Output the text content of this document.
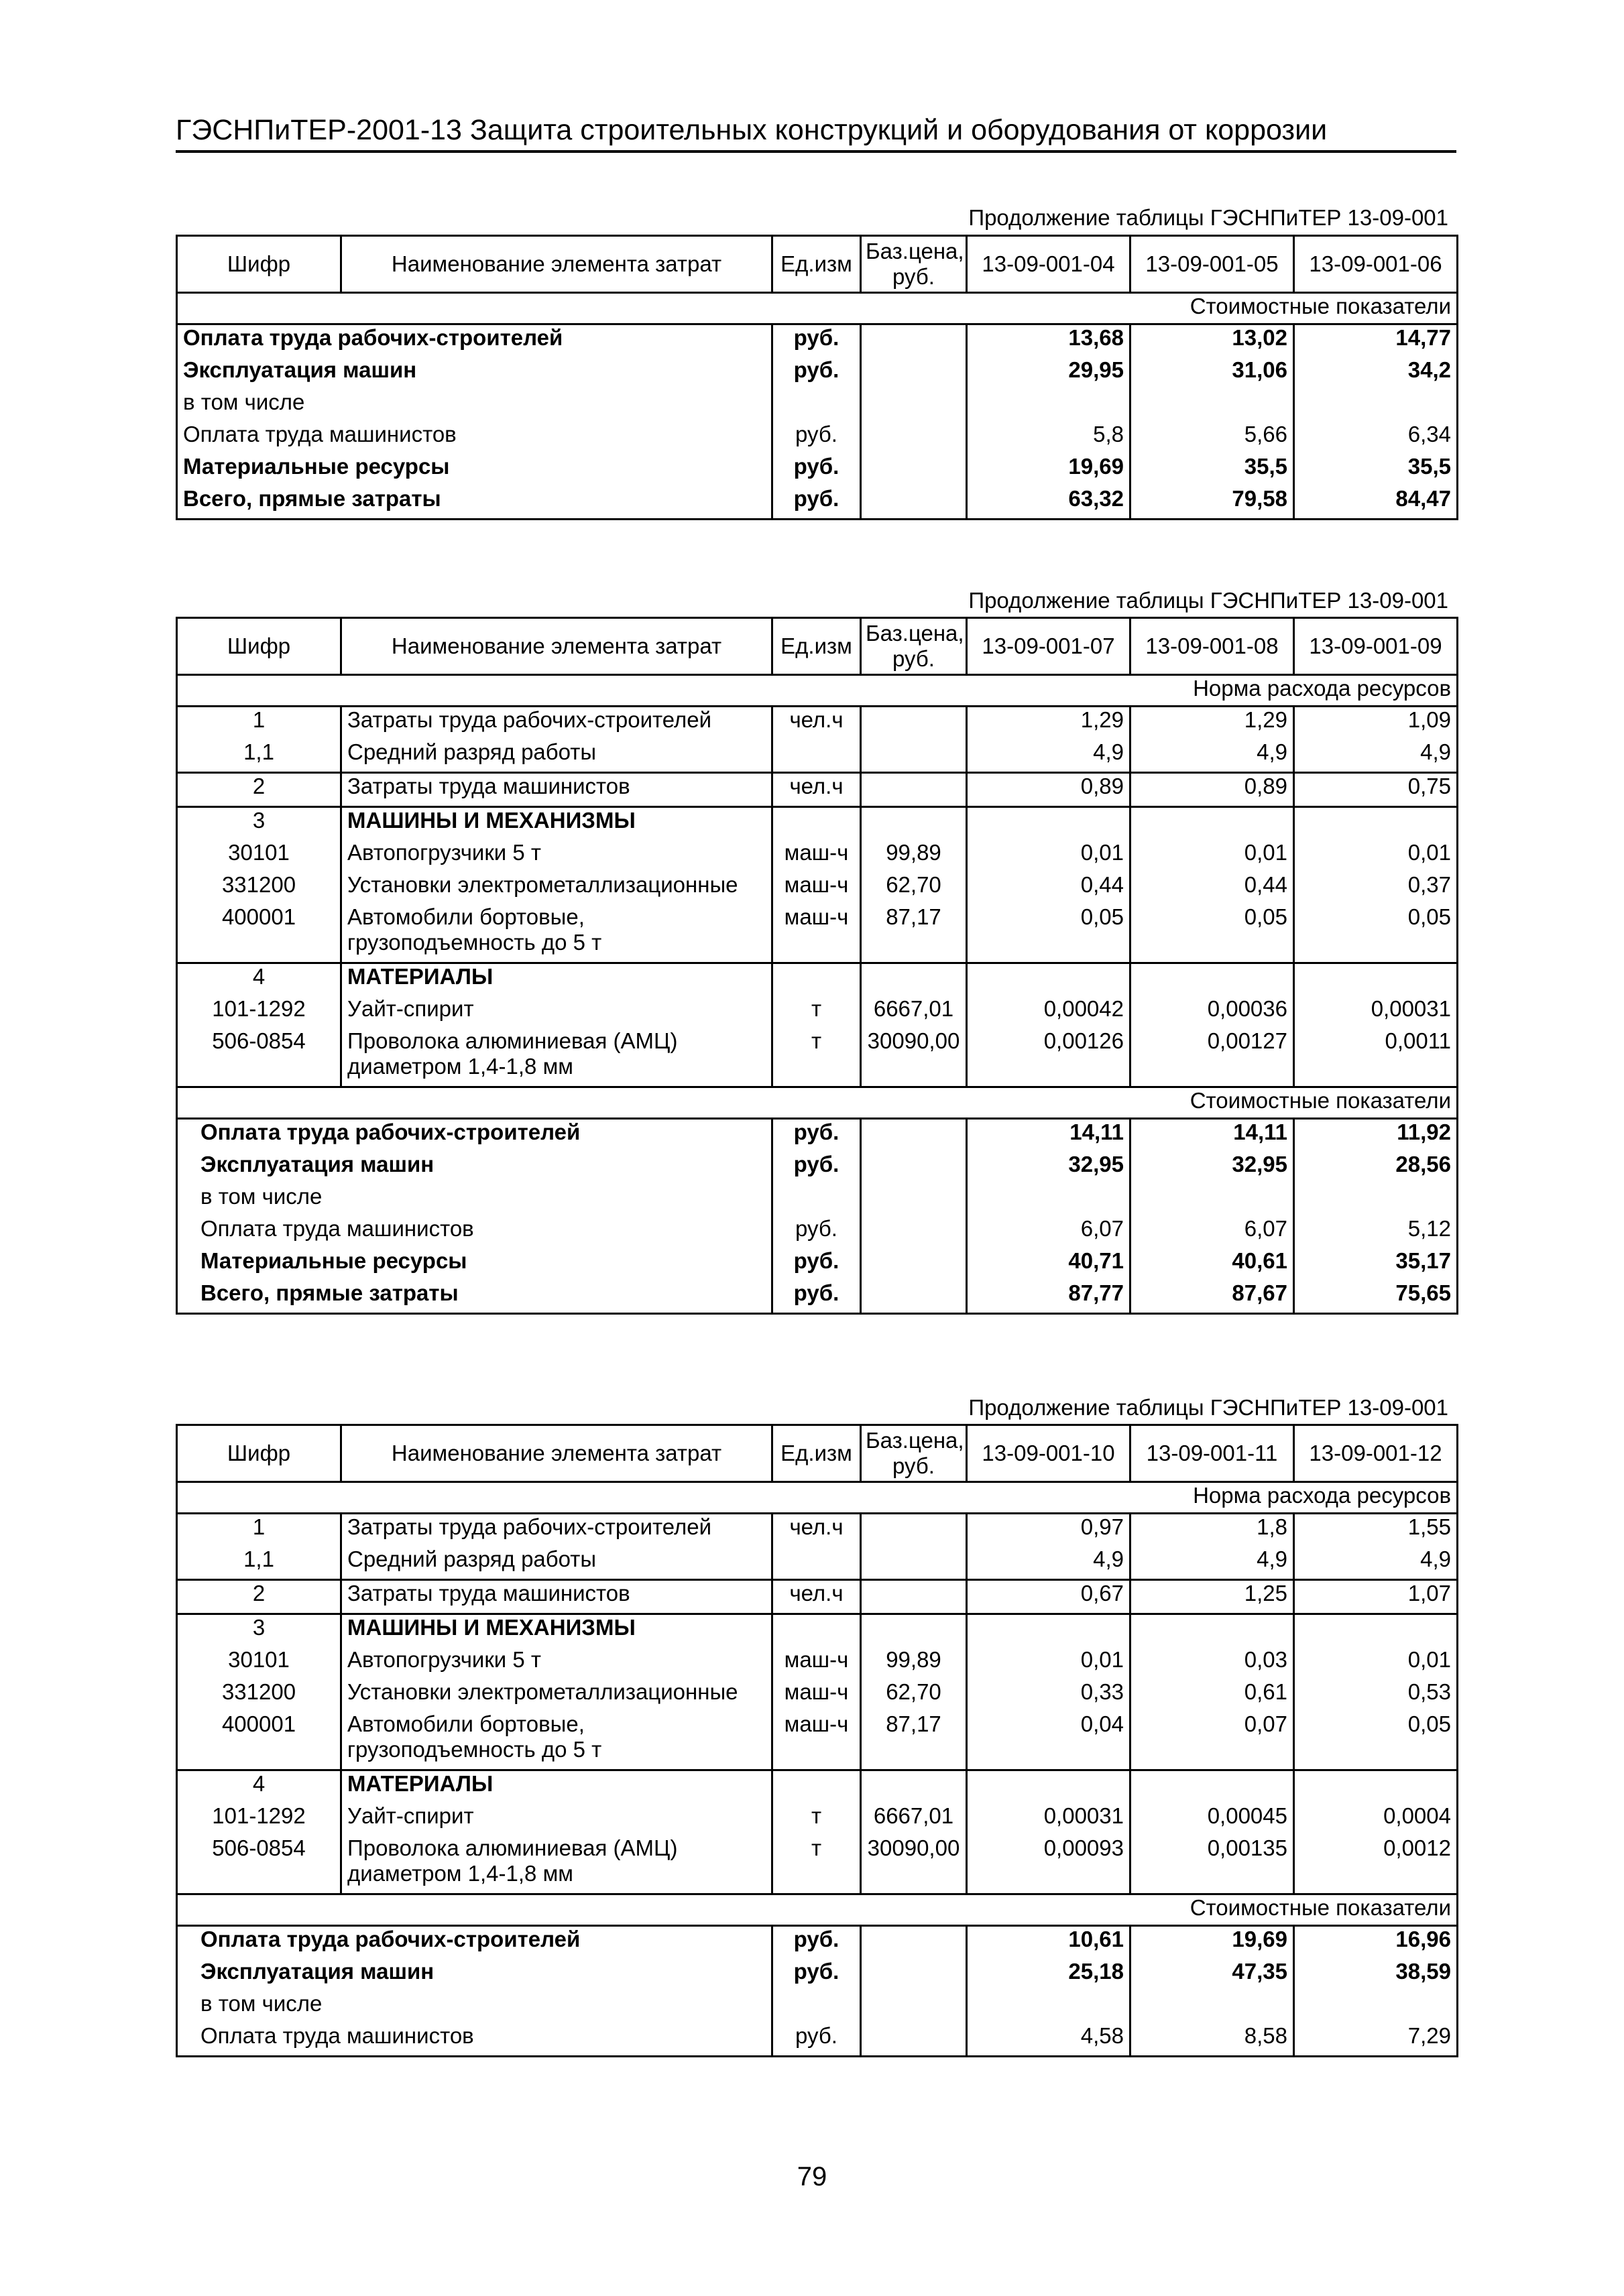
ГЭСНПиТЕР-2001-13 Защита строительных конструкций и оборудования от коррозии
Продолжение таблицы ГЭСНПиТЕР 13-09-001
Шифр	Наименование элемента затрат	Ед.изм	Баз.цена, руб.	13-09-001-04	13-09-001-05	13-09-001-06
Стоимостные показатели						
Оплата труда рабочих-строителей		руб.		13,68	13,02	14,77
Эксплуатация машин		руб.		29,95	31,06	34,2
в том числе						
Оплата труда машинистов		руб.		5,8	5,66	6,34
Материальные ресурсы		руб.		19,69	35,5	35,5
Всего, прямые затраты		руб.		63,32	79,58	84,47
Продолжение таблицы ГЭСНПиТЕР 13-09-001
Шифр	Наименование элемента затрат	Ед.изм	Баз.цена, руб.	13-09-001-07	13-09-001-08	13-09-001-09
Норма расхода ресурсов						
1	Затраты труда рабочих-строителей	чел.ч		1,29	1,29	1,09
1,1	Средний разряд работы			4,9	4,9	4,9
2	Затраты труда машинистов	чел.ч		0,89	0,89	0,75
3	МАШИНЫ И МЕХАНИЗМЫ					
30101	Автопогрузчики 5 т	маш-ч	99,89	0,01	0,01	0,01
331200	Установки электрометаллизационные	маш-ч	62,70	0,44	0,44	0,37
400001	Автомобили бортовые, грузоподъемность до 5 т	маш-ч	87,17	0,05	0,05	0,05
4	МАТЕРИАЛЫ					
101-1292	Уайт-спирит	т	6667,01	0,00042	0,00036	0,00031
506-0854	Проволока алюминиевая (АМЦ) диаметром 1,4-1,8 мм	т	30090,00	0,00126	0,00127	0,0011
Стоимостные показатели						
Оплата труда рабочих-строителей		руб.		14,11	14,11	11,92
Эксплуатация машин		руб.		32,95	32,95	28,56
в том числе						
Оплата труда машинистов		руб.		6,07	6,07	5,12
Материальные ресурсы		руб.		40,71	40,61	35,17
Всего, прямые затраты		руб.		87,77	87,67	75,65
Продолжение таблицы ГЭСНПиТЕР 13-09-001
Шифр	Наименование элемента затрат	Ед.изм	Баз.цена, руб.	13-09-001-10	13-09-001-11	13-09-001-12
Норма расхода ресурсов						
1	Затраты труда рабочих-строителей	чел.ч		0,97	1,8	1,55
1,1	Средний разряд работы			4,9	4,9	4,9
2	Затраты труда машинистов	чел.ч		0,67	1,25	1,07
3	МАШИНЫ И МЕХАНИЗМЫ					
30101	Автопогрузчики 5 т	маш-ч	99,89	0,01	0,03	0,01
331200	Установки электрометаллизационные	маш-ч	62,70	0,33	0,61	0,53
400001	Автомобили бортовые, грузоподъемность до 5 т	маш-ч	87,17	0,04	0,07	0,05
4	МАТЕРИАЛЫ					
101-1292	Уайт-спирит	т	6667,01	0,00031	0,00045	0,0004
506-0854	Проволока алюминиевая (АМЦ) диаметром 1,4-1,8 мм	т	30090,00	0,00093	0,00135	0,0012
Стоимостные показатели						
Оплата труда рабочих-строителей		руб.		10,61	19,69	16,96
Эксплуатация машин		руб.		25,18	47,35	38,59
в том числе						
Оплата труда машинистов		руб.		4,58	8,58	7,29
79
